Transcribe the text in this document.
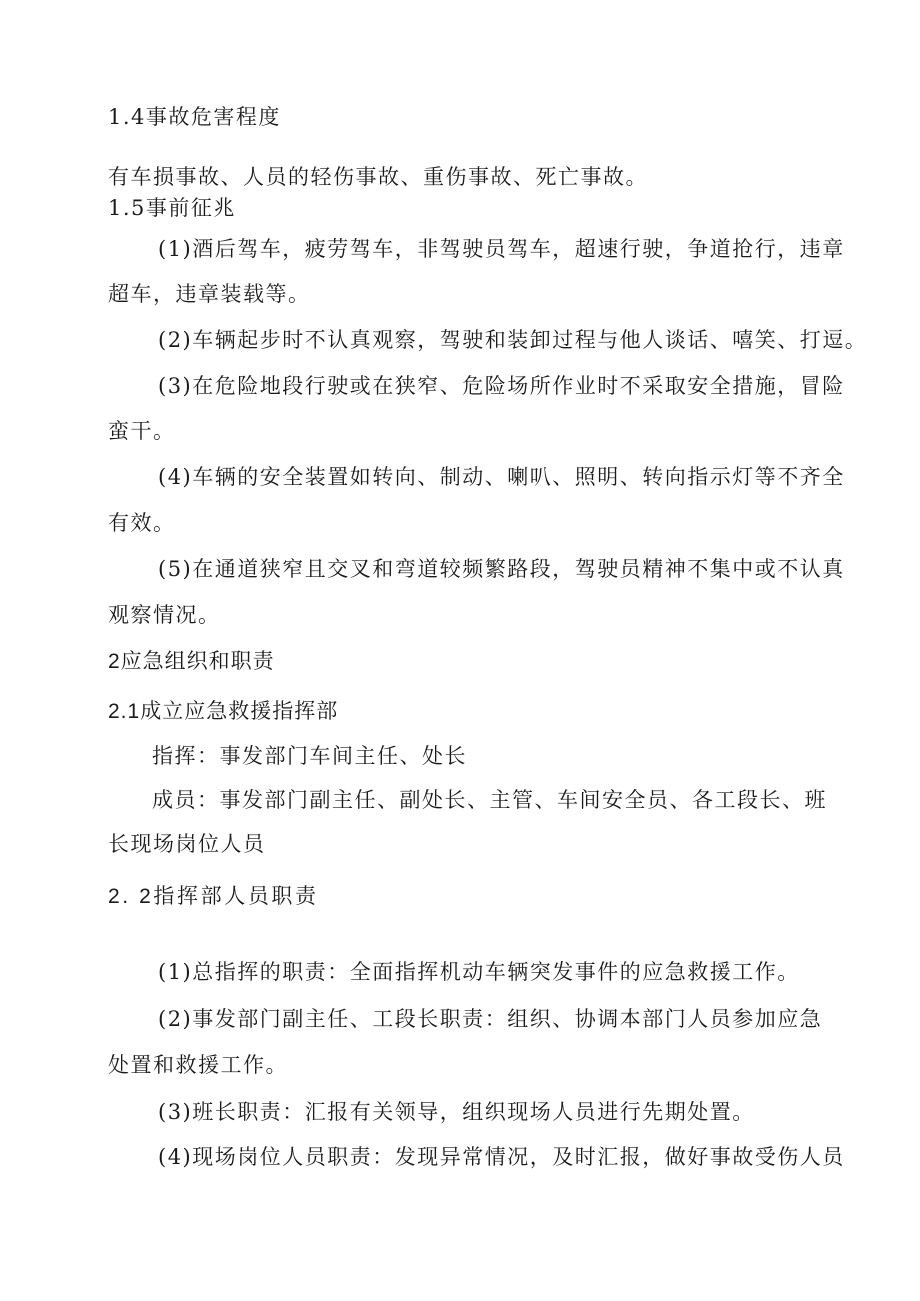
1.4事故危害程度

有车损事故、人员的轻伤事故、重伤事故、死亡事故。

1.5事前征兆

(1)酒后驾车，疲劳驾车，非驾驶员驾车，超速行驶，争道抢行，违章

超车，违章装载等。

(2)车辆起步时不认真观察，驾驶和装卸过程与他人谈话、嘻笑、打逗。

(3)在危险地段行驶或在狭窄、危险场所作业时不采取安全措施，冒险

蛮干。

(4)车辆的安全装置如转向、制动、喇叭、照明、转向指示灯等不齐全

有效。

(5)在通道狭窄且交叉和弯道较频繁路段，驾驶员精神不集中或不认真

观察情况。

2应急组织和职责

2.1成立应急救援指挥部

指挥：事发部门车间主任、处长

成员：事发部门副主任、副处长、主管、车间安全员、各工段长、班

长现场岗位人员

2. 2指挥部人员职责

(1)总指挥的职责：全面指挥机动车辆突发事件的应急救援工作。

(2)事发部门副主任、工段长职责：组织、协调本部门人员参加应急

处置和救援工作。

(3)班长职责：汇报有关领导，组织现场人员进行先期处置。

(4)现场岗位人员职责：发现异常情况，及时汇报，做好事故受伤人员
